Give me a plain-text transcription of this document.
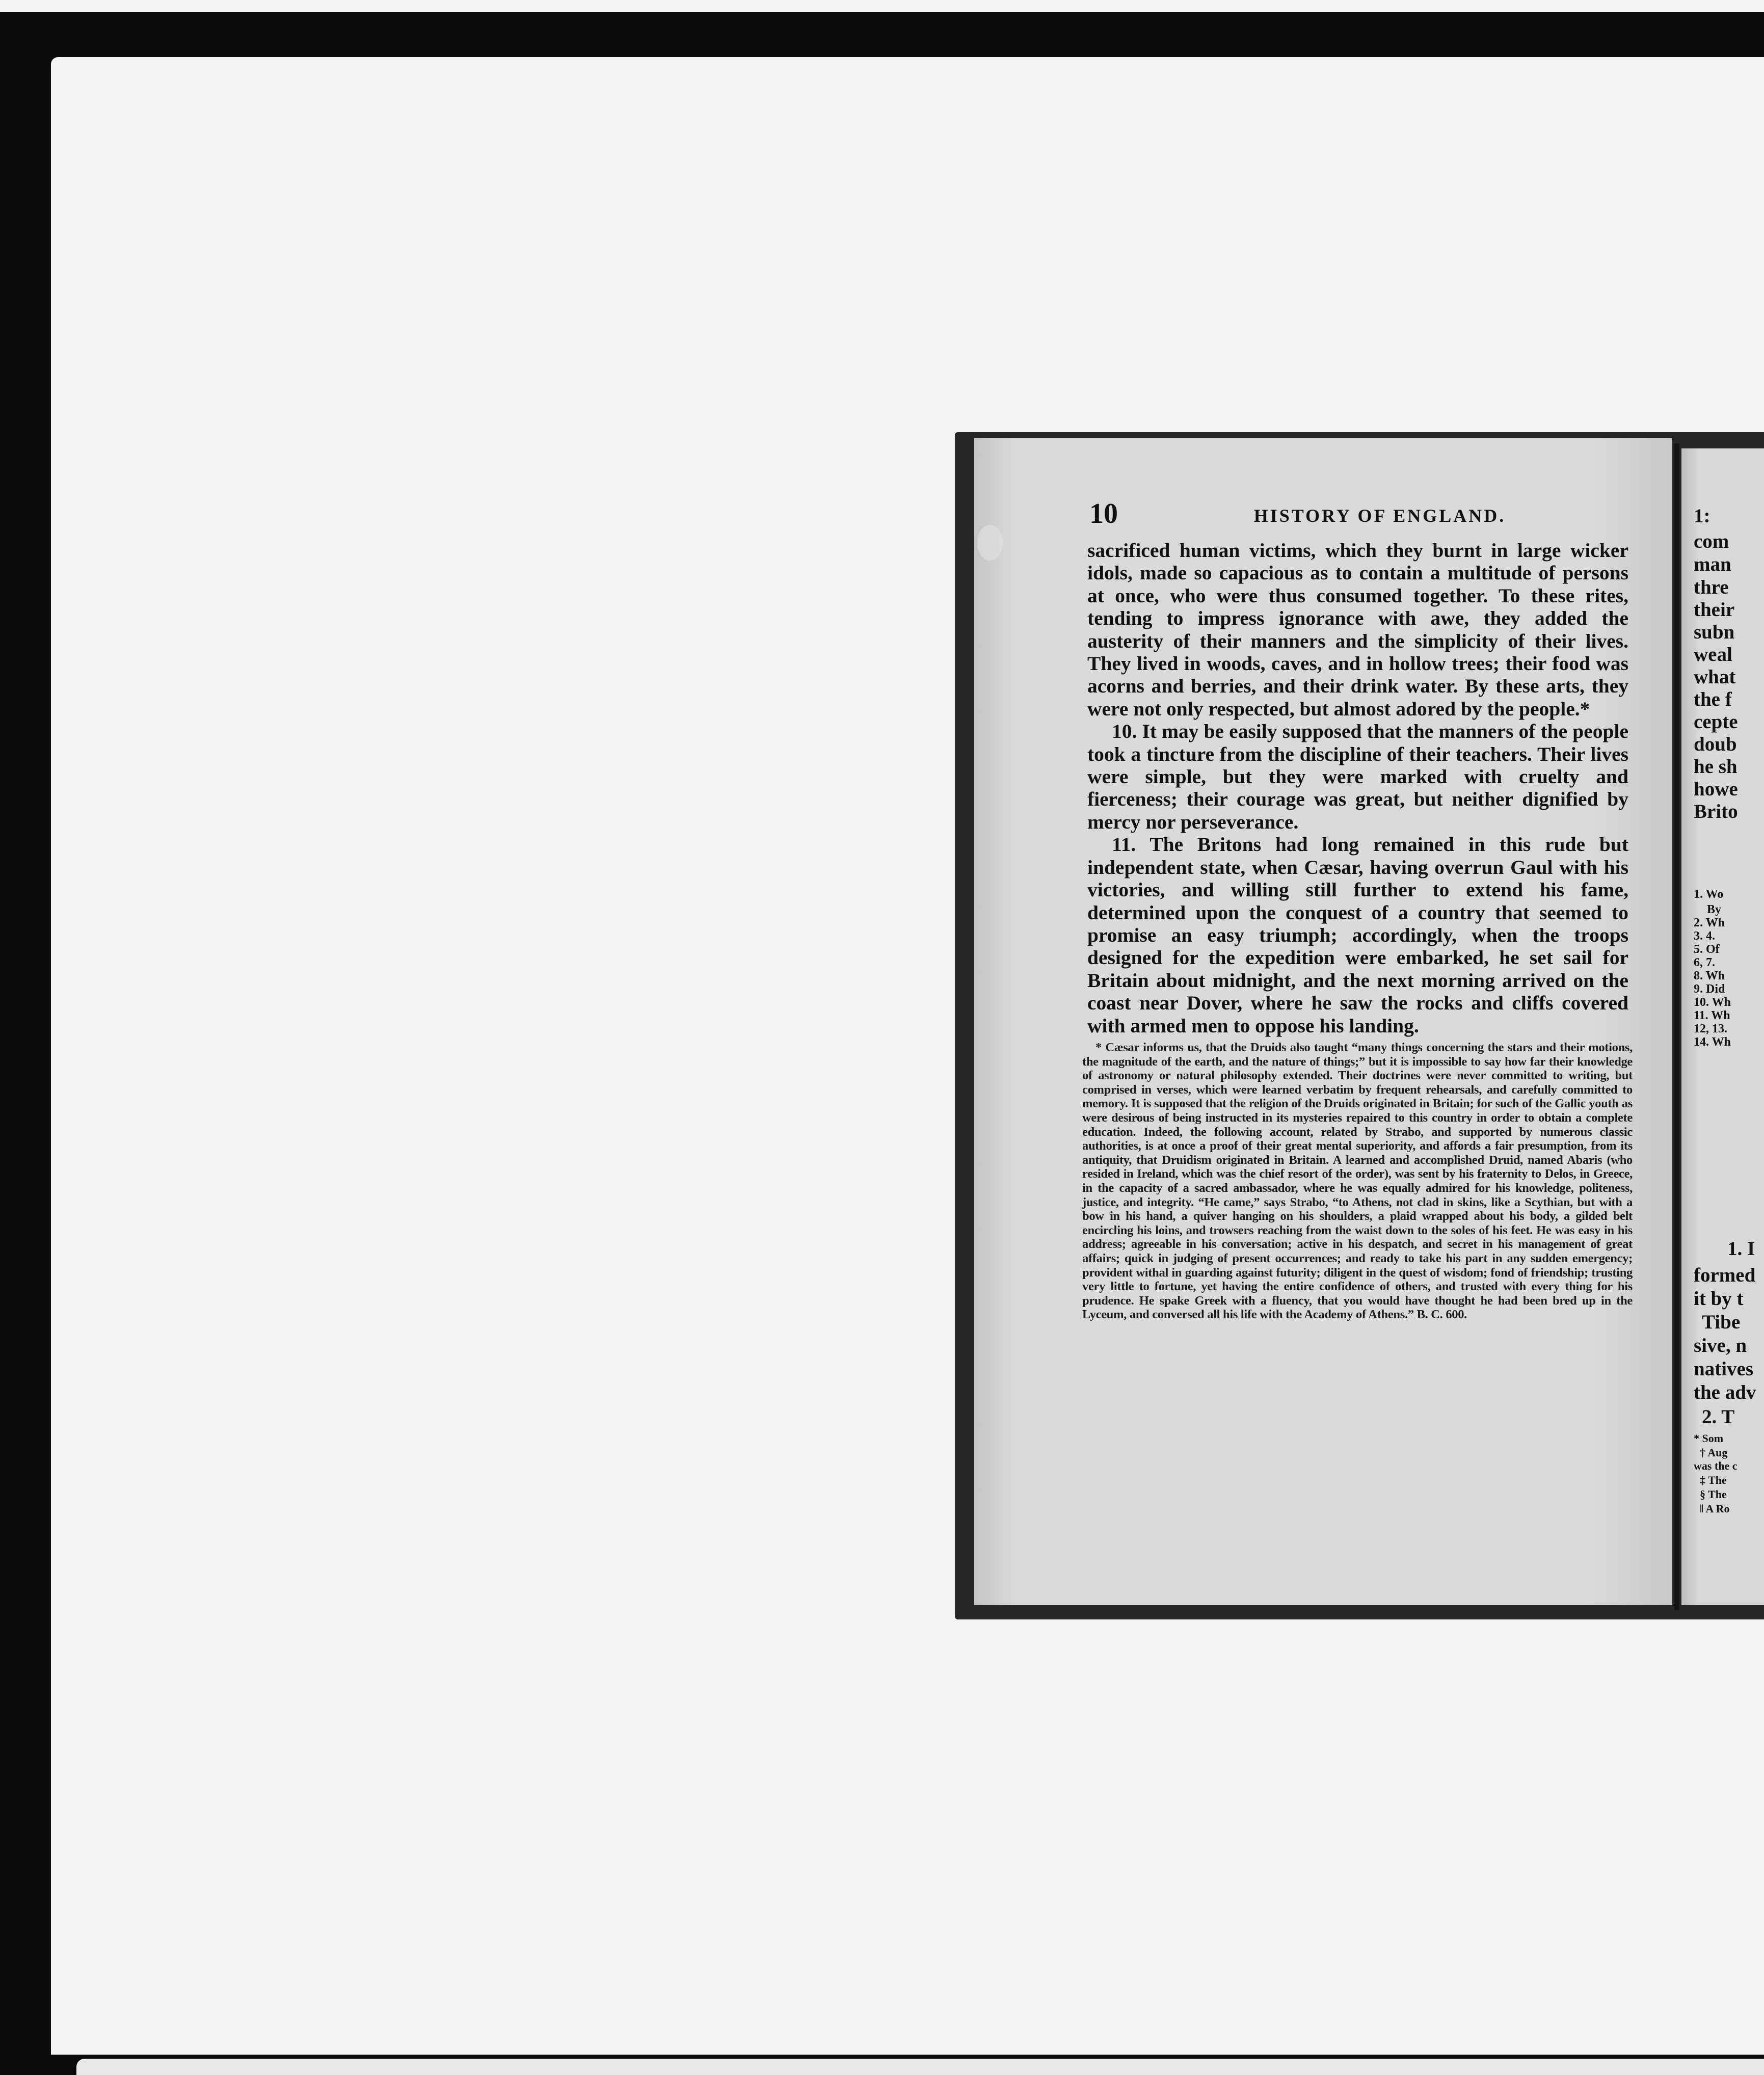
10	HISTORY OF ENGLAND.

sacrificed human victims, which they burnt in large wicker idols, made so capacious as to contain a multitude of persons at once, who were thus consumed together. To these rites, tending to impress ignorance with awe, they added the austerity of their manners and the simplicity of their lives. They lived in woods, caves, and in hollow trees; their food was acorns and berries, and their drink water. By these arts, they were not only respected, but almost adored by the people.*

10. It may be easily supposed that the manners of the people took a tincture from the discipline of their teachers. Their lives were simple, but they were marked with cruelty and fierceness; their courage was great, but neither dignified by mercy nor perseverance.

11. The Britons had long remained in this rude but independent state, when Cæsar, having overrun Gaul with his victories, and willing still further to extend his fame, determined upon the conquest of a country that seemed to promise an easy triumph; accordingly, when the troops designed for the expedition were embarked, he set sail for Britain about midnight, and the next morning arrived on the coast near Dover, where he saw the rocks and cliffs covered with armed men to oppose his landing.

* Cæsar informs us, that the Druids also taught “many things concerning the stars and their motions, the magnitude of the earth, and the nature of things;” but it is impossible to say how far their knowledge of astronomy or natural philosophy extended. Their doctrines were never committed to writing, but comprised in verses, which were learned verbatim by frequent rehearsals, and carefully committed to memory. It is supposed that the religion of the Druids originated in Britain; for such of the Gallic youth as were desirous of being instructed in its mysteries repaired to this country in order to obtain a complete education. Indeed, the following account, related by Strabo, and supported by numerous classic authorities, is at once a proof of their great mental superiority, and affords a fair presumption, from its antiquity, that Druidism originated in Britain. A learned and accomplished Druid, named Abaris (who resided in Ireland, which was the chief resort of the order), was sent by his fraternity to Delos, in Greece, in the capacity of a sacred ambassador, where he was equally admired for his knowledge, politeness, justice, and integrity. “He came,” says Strabo, “to Athens, not clad in skins, like a Scythian, but with a bow in his hand, a quiver hanging on his shoulders, a plaid wrapped about his body, a gilded belt encircling his loins, and trowsers reaching from the waist down to the soles of his feet. He was easy in his address; agreeable in his conversation; active in his despatch, and secret in his management of great affairs; quick in judging of present occurrences; and ready to take his part in any sudden emergency; provident withal in guarding against futurity; diligent in the quest of wisdom; fond of friendship; trusting very little to fortune, yet having the entire confidence of others, and trusted with every thing for his prudence. He spake Greek with a fluency, that you would have thought he had been bred up in the Lyceum, and conversed all his life with the Academy of Athens.” B. C. 600.

1:
com
man
thre
their
subn
weal
what
the f
cepte
doub
he sh
howe
Brito
1. Wo
By
2. Wh
3. 4.
5. Of
6, 7.
8. Wh
9. Did
10. Wh
11. Wh
12, 13.
14. Wh
1. I
formed
it by t
Tibe
sive, n
natives
the adv
2. T
* Som
† Aug
was the c
‡ The
§ The
‖ A Ro
